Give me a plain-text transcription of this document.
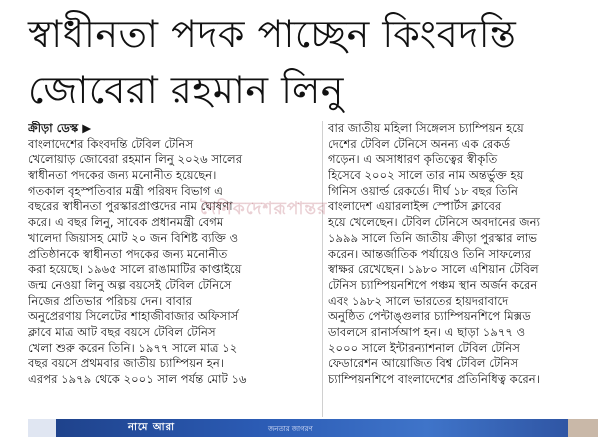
স্বাধীনতা পদক পাচ্ছেন কিংবদন্তি
জোবেরা রহমান লিনু
ক্রীড়া ডেস্ক ▶
বাংলাদেশের কিংবদন্তি টেবিল টেনিস
খেলোয়াড় জোবেরা রহমান লিনু ২০২৬ সালের
স্বাধীনতা পদকের জন্য মনোনীত হয়েছেন।
গতকাল বৃহস্পতিবার মন্ত্রী পরিষদ বিভাগ এ
বছরের স্বাধীনতা পুরস্কারপ্রাপ্তদের নাম ঘোষণা
করে। এ বছর লিনু, সাবেক প্রধানমন্ত্রী বেগম
খালেদা জিয়াসহ মোট ২০ জন বিশিষ্ট ব্যক্তি ও
প্রতিষ্ঠানকে স্বাধীনতা পদকের জন্য মনোনীত
করা হয়েছে। ১৯৬৫ সালে রাঙামাটির কাপ্তাইয়ে
জন্ম নেওয়া লিনু অল্প বয়সেই টেবিল টেনিসে
নিজের প্রতিভার পরিচয় দেন। বাবার
অনুপ্রেরণায় সিলেটের শাহাজীবাজার অফিসার্স
ক্লাবে মাত্র আট বছর বয়সে টেবিল টেনিস
খেলা শুরু করেন তিনি। ১৯৭৭ সালে মাত্র ১২
বছর বয়সে প্রথমবার জাতীয় চ্যাম্পিয়ন হন।
এরপর ১৯৭৯ থেকে ২০০১ সাল পর্যন্ত মোট ১৬
বার জাতীয় মহিলা সিঙ্গেলস চ্যাম্পিয়ন হয়ে
দেশের টেবিল টেনিসে অনন্য এক রেকর্ড
গড়েন। এ অসাধারণ কৃতিত্বের স্বীকৃতি
হিসেবে ২০০২ সালে তার নাম অন্তর্ভুক্ত হয়
গিনিস ওয়ার্ল্ড রেকর্ডে। দীর্ঘ ১৮ বছর তিনি
বাংলাদেশ এয়ারলাইন্স স্পোর্টস ক্লাবের
হয়ে খেলেছেন। টেবিল টেনিসে অবদানের জন্য
১৯৯৯ সালে তিনি জাতীয় ক্রীড়া পুরস্কার লাভ
করেন। আন্তর্জাতিক পর্যায়েও তিনি সাফল্যের
স্বাক্ষর রেখেছেন। ১৯৮০ সালে এশিয়ান টেবিল
টেনিস চ্যাম্পিয়নশিপে পঞ্চম স্থান অর্জন করেন
এবং ১৯৮২ সালে ভারতের হায়দরাবাদে
অনুষ্ঠিত পেন্টাঙ্গুলার চ্যাম্পিয়নশিপে মিক্সড
ডাবলসে রানার্সআপ হন। এ ছাড়া ১৯৭৭ ও
২০০০ সালে ইন্টারন্যাশনাল টেবিল টেনিস
ফেডারেশন আয়োজিত বিশ্ব টেবিল টেনিস
চ্যাম্পিয়নশিপে বাংলাদেশের প্রতিনিধিত্ব করেন।
দৈনিকদেশরূপান্তর
নামে আরা	জনতার জাগরণ
